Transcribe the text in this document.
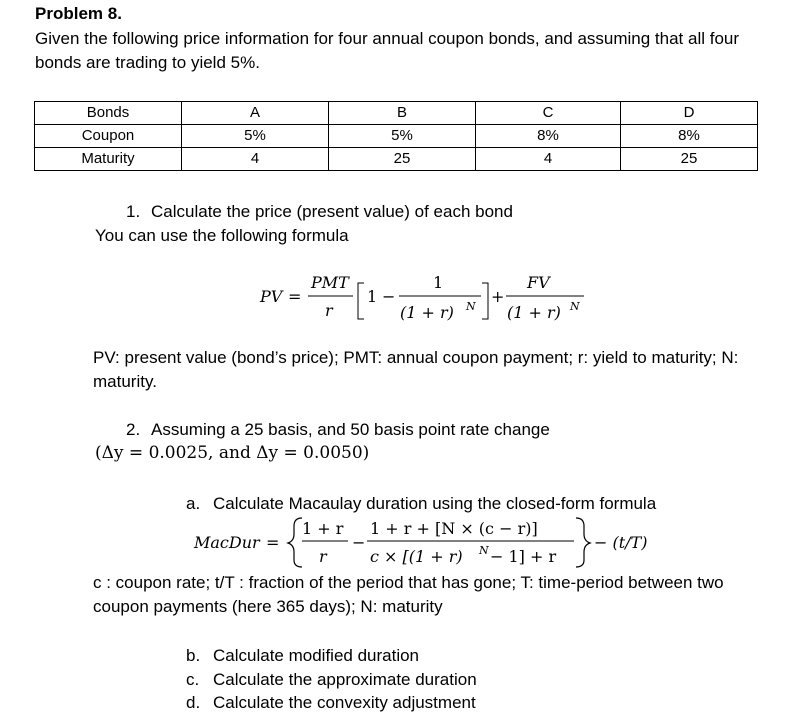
Problem 8.
Given the following price information for four annual coupon bonds, and assuming that all four bonds are trading to yield 5%.
Bonds	A	B	C	D
Coupon	5%	5%	8%	8%
Maturity	4	25	4	25
1. Calculate the price (present value) of each bond
You can use the following formula
PV =
PMT
r
1 −
1
(1 + r) N
+
FV
(1 + r) N
PV: present value (bond’s price); PMT: annual coupon payment; r: yield to maturity; N: maturity.
2. Assuming a 25 basis, and 50 basis point rate change
(Δy = 0.0025, and Δy = 0.0050)
a. Calculate Macaulay duration using the closed-form formula
MacDur =
1 + r
r
−
1 + r + [N × (c − r)]
c × [(1 + r) N − 1] + r
− (t/T)
c : coupon rate; t/T : fraction of the period that has gone; T: time-period between two coupon payments (here 365 days); N: maturity
b. Calculate modified duration
c. Calculate the approximate duration
d. Calculate the convexity adjustment
